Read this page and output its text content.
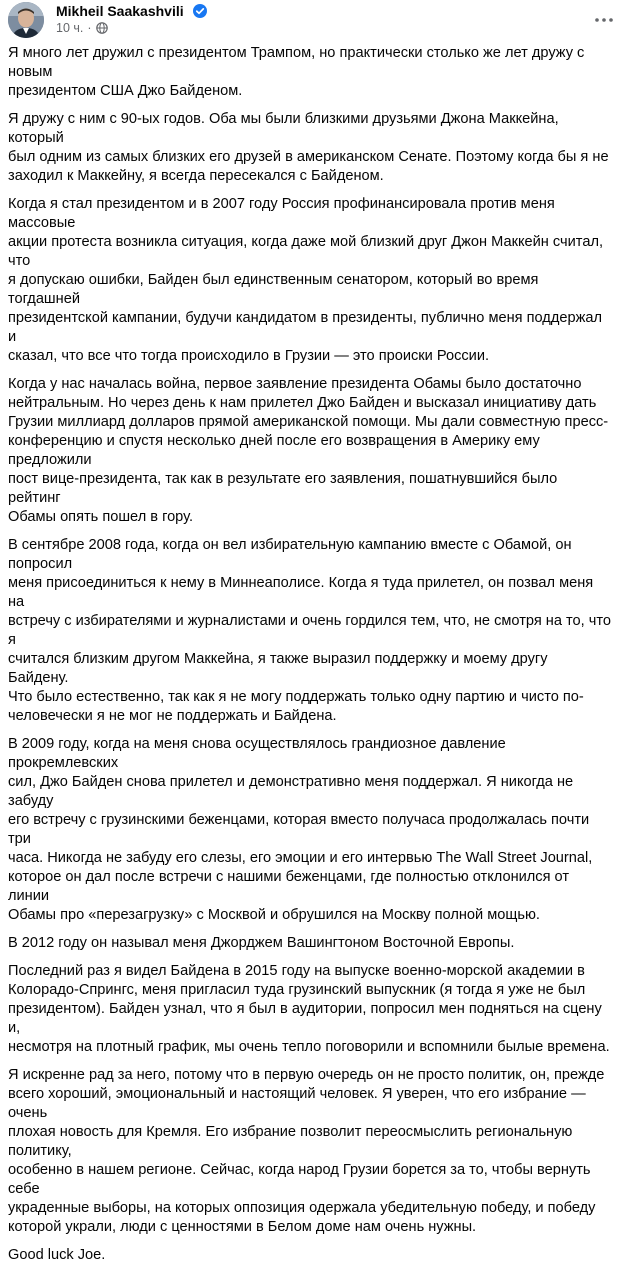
Mikheil Saakashvili
10 ч. ·

Я много лет дружил с президентом Трампом, но практически столько же лет дружу с новым
президентом США Джо Байденом.

Я дружу с ним с 90-ых годов. Оба мы были близкими друзьями Джона Маккейна, который
был одним из самых близких его друзей в американском Сенате. Поэтому когда бы я не
заходил к Маккейну, я всегда пересекался с Байденом.

Когда я стал президентом и в 2007 году Россия профинансировала против меня массовые
акции протеста возникла ситуация, когда даже мой близкий друг Джон Маккейн считал, что
я допускаю ошибки, Байден был единственным сенатором, который во время тогдашней
президентской кампании, будучи кандидатом в президенты, публично меня поддержал и
сказал, что все что тогда происходило в Грузии — это происки России.

Когда у нас началась война, первое заявление президента Обамы было достаточно
нейтральным. Но через день к нам прилетел Джо Байден и высказал инициативу дать
Грузии миллиард долларов прямой американской помощи. Мы дали совместную пресс-
конференцию и спустя несколько дней после его возвращения в Америку ему предложили
пост вице-президента, так как в результате его заявления, пошатнувшийся было рейтинг
Обамы опять пошел в гору.

В сентябре 2008 года, когда он вел избирательную кампанию вместе с Обамой, он попросил
меня присоединиться к нему в Миннеаполисе. Когда я туда прилетел, он позвал меня на
встречу с избирателями и журналистами и очень гордился тем, что, не смотря на то, что я
считался близким другом Маккейна, я также выразил поддержку и моему другу Байдену.
Что было естественно, так как я не могу поддержать только одну партию и чисто по-
человечески я не мог не поддержать и Байдена.

В 2009 году, когда на меня снова осуществлялось грандиозное давление прокремлевских
сил, Джо Байден снова прилетел и демонстративно меня поддержал. Я никогда не забуду
его встречу с грузинскими беженцами, которая вместо получаса продолжалась почти три
часа. Никогда не забуду его слезы, его эмоции и его интервью The Wall Street Journal,
которое он дал после встречи с нашими беженцами, где полностью отклонился от линии
Обамы про «перезагрузку» с Москвой и обрушился на Москву полной мощью.

В 2012 году он называл меня Джорджем Вашингтоном Восточной Европы.

Последний раз я видел Байдена в 2015 году на выпуске военно-морской академии в
Колорадо-Спрингс, меня пригласил туда грузинский выпускник (я тогда я уже не был
президентом). Байден узнал, что я был в аудитории, попросил мен подняться на сцену и,
несмотря на плотный график, мы очень тепло поговорили и вспомнили былые времена.

Я искренне рад за него, потому что в первую очередь он не просто политик, он, прежде
всего хороший, эмоциональный и настоящий человек. Я уверен, что его избрание — очень
плохая новость для Кремля. Его избрание позволит переосмыслить региональную политику,
особенно в нашем регионе. Сейчас, когда народ Грузии борется за то, чтобы вернуть себе
украденные выборы, на которых оппозиция одержала убедительную победу, и победу
которой украли, люди с ценностями в Белом доме нам очень нужны.

Good luck Joe.
